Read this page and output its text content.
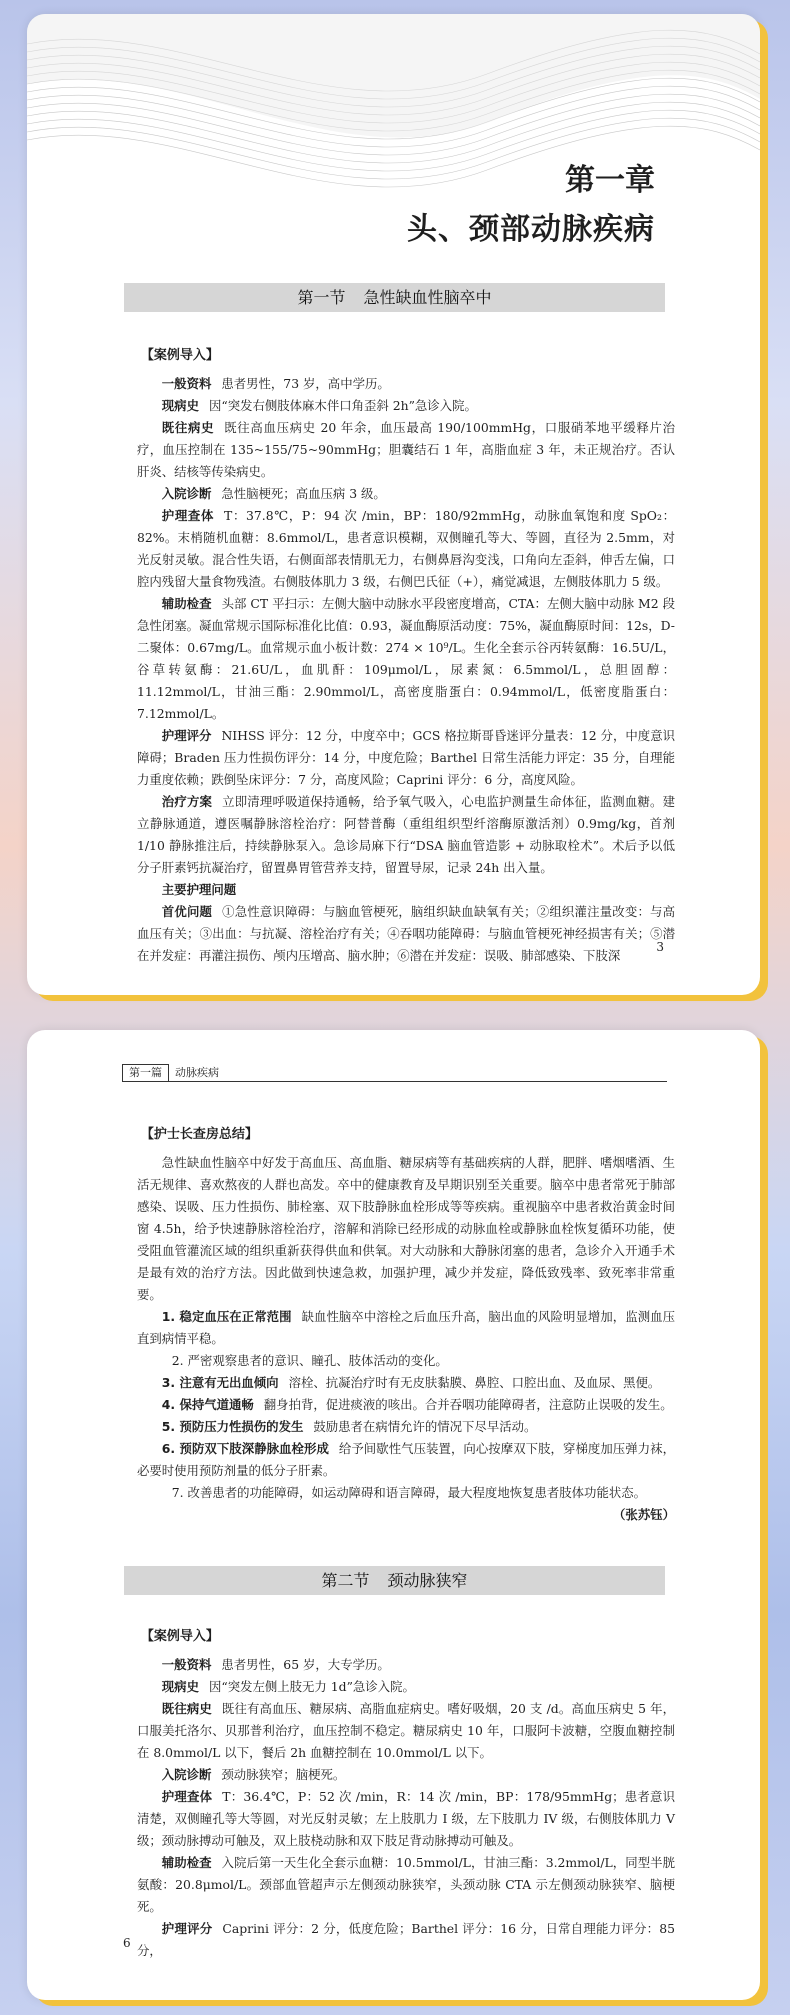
第一章
头、颈部动脉疾病
第一节 急性缺血性脑卒中

【案例导入】

一般资料 患者男性，73 岁，高中学历。

现病史 因“突发右侧肢体麻木伴口角歪斜 2h”急诊入院。

既往病史 既往高血压病史 20 年余，血压最高 190/100mmHg，口服硝苯地平缓释片治疗，血压控制在 135~155/75~90mmHg；胆囊结石 1 年，高脂血症 3 年，未正规治疗。否认肝炎、结核等传染病史。

入院诊断 急性脑梗死；高血压病 3 级。

护理查体 T：37.8℃，P：94 次 /min，BP：180/92mmHg，动脉血氧饱和度 SpO₂：82%。末梢随机血糖：8.6mmol/L，患者意识模糊，双侧瞳孔等大、等圆，直径为 2.5mm，对光反射灵敏。混合性失语，右侧面部表情肌无力，右侧鼻唇沟变浅，口角向左歪斜，伸舌左偏，口腔内残留大量食物残渣。右侧肢体肌力 3 级，右侧巴氏征（+），痛觉减退，左侧肢体肌力 5 级。

辅助检查 头部 CT 平扫示：左侧大脑中动脉水平段密度增高，CTA：左侧大脑中动脉 M2 段急性闭塞。凝血常规示国际标准化比值：0.93，凝血酶原活动度：75%，凝血酶原时间：12s，D- 二聚体：0.67mg/L。血常规示血小板计数：274 × 10⁹/L。生化全套示谷丙转氨酶：16.5U/L，谷草转氨酶：21.6U/L，血肌酐：109μmol/L，尿素氮：6.5mmol/L，总胆固醇：11.12mmol/L，甘油三酯：2.90mmol/L，高密度脂蛋白：0.94mmol/L，低密度脂蛋白：7.12mmol/L。

护理评分 NIHSS 评分：12 分，中度卒中；GCS 格拉斯哥昏迷评分量表：12 分，中度意识障碍；Braden 压力性损伤评分：14 分，中度危险；Barthel 日常生活能力评定：35 分，自理能力重度依赖；跌倒坠床评分：7 分，高度风险；Caprini 评分：6 分，高度风险。

治疗方案 立即清理呼吸道保持通畅，给予氧气吸入，心电监护测量生命体征，监测血糖。建立静脉通道，遵医嘱静脉溶栓治疗：阿替普酶（重组组织型纤溶酶原激活剂）0.9mg/kg，首剂 1/10 静脉推注后，持续静脉泵入。急诊局麻下行“DSA 脑血管造影 + 动脉取栓术”。术后予以低分子肝素钙抗凝治疗，留置鼻胃管营养支持，留置导尿，记录 24h 出入量。

主要护理问题

首优问题 ①急性意识障碍：与脑血管梗死，脑组织缺血缺氧有关；②组织灌注量改变：与高血压有关；③出血：与抗凝、溶栓治疗有关；④吞咽功能障碍：与脑血管梗死神经损害有关；⑤潜在并发症：再灌注损伤、颅内压增高、脑水肿；⑥潜在并发症：误吸、肺部感染、下肢深

3
第一篇 动脉疾病

【护士长查房总结】

急性缺血性脑卒中好发于高血压、高血脂、糖尿病等有基础疾病的人群，肥胖、嗜烟嗜酒、生活无规律、喜欢熬夜的人群也高发。卒中的健康教育及早期识别至关重要。脑卒中患者常死于肺部感染、误吸、压力性损伤、肺栓塞、双下肢静脉血栓形成等等疾病。重视脑卒中患者救治黄金时间窗 4.5h，给予快速静脉溶栓治疗，溶解和消除已经形成的动脉血栓或静脉血栓恢复循环功能，使受阻血管灌流区域的组织重新获得供血和供氧。对大动脉和大静脉闭塞的患者，急诊介入开通手术是最有效的治疗方法。因此做到快速急救，加强护理，减少并发症，降低致残率、致死率非常重要。

1. 稳定血压在正常范围 缺血性脑卒中溶栓之后血压升高，脑出血的风险明显增加，监测血压直到病情平稳。

2. 严密观察患者的意识、瞳孔、肢体活动的变化。

3. 注意有无出血倾向 溶栓、抗凝治疗时有无皮肤黏膜、鼻腔、口腔出血、及血尿、黑便。

4. 保持气道通畅 翻身拍背，促进痰液的咳出。合并吞咽功能障碍者，注意防止误吸的发生。

5. 预防压力性损伤的发生 鼓励患者在病情允许的情况下尽早活动。

6. 预防双下肢深静脉血栓形成 给予间歇性气压装置，向心按摩双下肢，穿梯度加压弹力袜，必要时使用预防剂量的低分子肝素。

7. 改善患者的功能障碍，如运动障碍和语言障碍，最大程度地恢复患者肢体功能状态。

（张苏钰）

第二节 颈动脉狭窄

【案例导入】

一般资料 患者男性，65 岁，大专学历。

现病史 因“突发左侧上肢无力 1d”急诊入院。

既往病史 既往有高血压、糖尿病、高脂血症病史。嗜好吸烟，20 支 /d。高血压病史 5 年，口服美托洛尔、贝那普利治疗，血压控制不稳定。糖尿病史 10 年，口服阿卡波糖，空腹血糖控制在 8.0mmol/L 以下，餐后 2h 血糖控制在 10.0mmol/L 以下。

入院诊断 颈动脉狭窄；脑梗死。

护理查体 T：36.4℃，P：52 次 /min，R：14 次 /min，BP：178/95mmHg；患者意识清楚，双侧瞳孔等大等圆，对光反射灵敏；左上肢肌力 I 级，左下肢肌力 IV 级，右侧肢体肌力 V 级；颈动脉搏动可触及，双上肢桡动脉和双下肢足背动脉搏动可触及。

辅助检查 入院后第一天生化全套示血糖：10.5mmol/L，甘油三酯：3.2mmol/L，同型半胱氨酸：20.8μmol/L。颈部血管超声示左侧颈动脉狭窄，头颈动脉 CTA 示左侧颈动脉狭窄、脑梗死。

护理评分 Caprini 评分：2 分，低度危险；Barthel 评分：16 分，日常自理能力评分：85 分，

6
